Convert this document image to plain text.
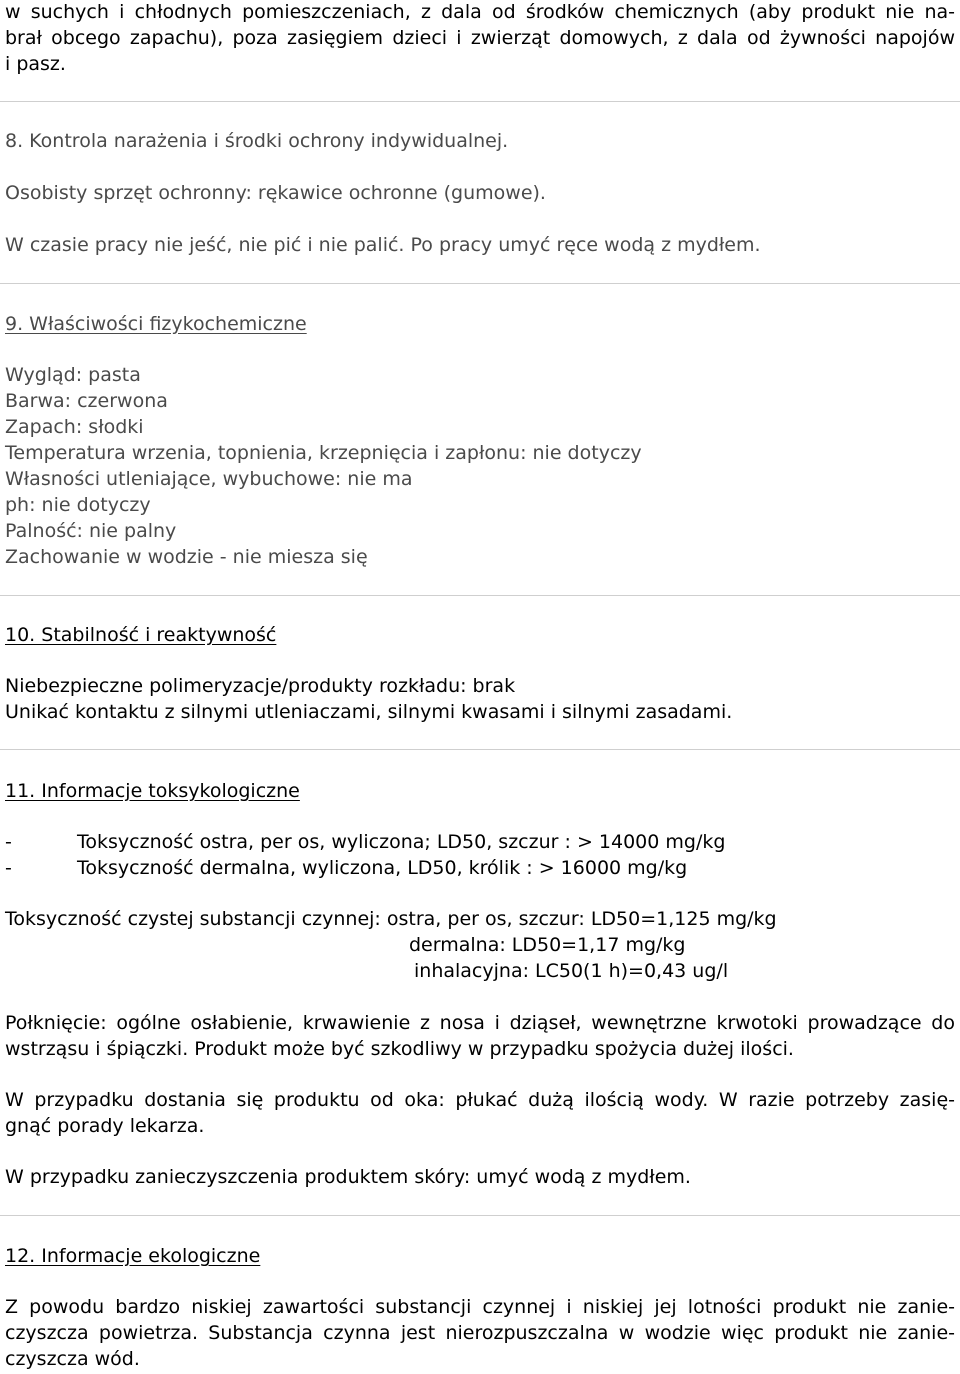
w suchych i chłodnych pomieszczeniach, z dala od środków chemicznych (aby produkt nie na-
brał obcego zapachu), poza zasięgiem dzieci i zwierząt domowych, z dala od żywności napojów
i pasz.
8. Kontrola narażenia i środki ochrony indywidualnej.
Osobisty sprzęt ochronny: rękawice ochronne (gumowe).
W czasie pracy nie jeść, nie pić i nie palić. Po pracy umyć ręce wodą z mydłem.
9. Właściwości fizykochemiczne
Wygląd: pasta
Barwa: czerwona
Zapach: słodki
Temperatura wrzenia, topnienia, krzepnięcia i zapłonu: nie dotyczy
Własności utleniające, wybuchowe: nie ma
ph: nie dotyczy
Palność: nie palny
Zachowanie w wodzie - nie miesza się
10. Stabilność i reaktywność
Niebezpieczne polimeryzacje/produkty rozkładu: brak
Unikać kontaktu z silnymi utleniaczami, silnymi kwasami i silnymi zasadami.
11. Informacje toksykologiczne
-	Toksyczność ostra, per os, wyliczona; LD50, szczur : > 14000 mg/kg
-	Toksyczność dermalna, wyliczona, LD50, królik : > 16000 mg/kg
Toksyczność czystej substancji czynnej: ostra, per os, szczur: LD50=1,125 mg/kg
dermalna: LD50=1,17 mg/kg
inhalacyjna: LC50(1 h)=0,43 ug/l
Połknięcie: ogólne osłabienie, krwawienie z nosa i dziąseł, wewnętrzne krwotoki prowadzące do
wstrząsu i śpiączki. Produkt może być szkodliwy w przypadku spożycia dużej ilości.
W przypadku dostania się produktu od oka: płukać dużą ilością wody. W razie potrzeby zasię-
gnąć porady lekarza.
W przypadku zanieczyszczenia produktem skóry: umyć wodą z mydłem.
12. Informacje ekologiczne
Z powodu bardzo niskiej zawartości substancji czynnej i niskiej jej lotności produkt nie zanie-
czyszcza powietrza. Substancja czynna jest nierozpuszczalna w wodzie więc produkt nie zanie-
czyszcza wód.
